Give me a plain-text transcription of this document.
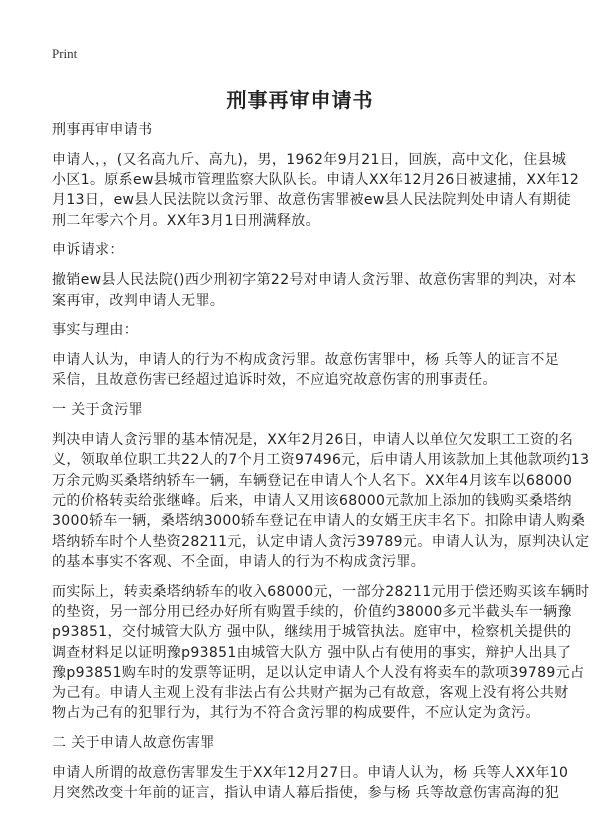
Print
刑事再审申请书
刑事再审申请书
申请人，，(又名高九斤、高九)，男，1962年9月21日，回族，高中文化，住县城
小区1。原系ew县城市管理监察大队队长。申请人XX年12月26日被逮捕，XX年12
月13日，ew县人民法院以贪污罪、故意伤害罪被ew县人民法院判处申请人有期徒
刑二年零六个月。XX年3月1日刑满释放。
申诉请求：
撤销ew县人民法院()西少刑初字第22号对申请人贪污罪、故意伤害罪的判决，对本
案再审，改判申请人无罪。
事实与理由：
申请人认为，申请人的行为不构成贪污罪。故意伤害罪中，杨 兵等人的证言不足
采信，且故意伤害已经超过追诉时效，不应追究故意伤害的刑事责任。
一 关于贪污罪
判决申请人贪污罪的基本情况是，XX年2月26日，申请人以单位欠发职工工资的名
义，领取单位职工共22人的7个月工资97496元，后申请人用该款加上其他款项约13
万余元购买桑塔纳轿车一辆，车辆登记在申请人个人名下。XX年4月该车以68000
元的价格转卖给张继峰。后来，申请人又用该68000元款加上添加的钱购买桑塔纳
3000轿车一辆，桑塔纳3000轿车登记在申请人的女婿王庆丰名下。扣除申请人购桑
塔纳轿车时个人垫资28211元，认定申请人贪污39789元。申请人认为，原判决认定
的基本事实不客观、不全面，申请人的行为不构成贪污罪。
而实际上，转卖桑塔纳轿车的收入68000元，一部分28211元用于偿还购买该车辆时
的垫资，另一部分用已经办好所有购置手续的，价值约38000多元半截头车一辆豫
p93851，交付城管大队方 强中队，继续用于城管执法。庭审中，检察机关提供的
调查材料足以证明豫p93851由城管大队方 强中队占有使用的事实，辩护人出具了
豫p93851购车时的发票等证明，足以认定申请人个人没有将卖车的款项39789元占
为己有。申请人主观上没有非法占有公共财产据为己有故意，客观上没有将公共财
物占为己有的犯罪行为，其行为不符合贪污罪的构成要件，不应认定为贪污。
二 关于申请人故意伤害罪
申请人所谓的故意伤害罪发生于XX年12月27日。申请人认为，杨 兵等人XX年10
月突然改变十年前的证言，指认申请人幕后指使，参与杨 兵等故意伤害高海的犯
